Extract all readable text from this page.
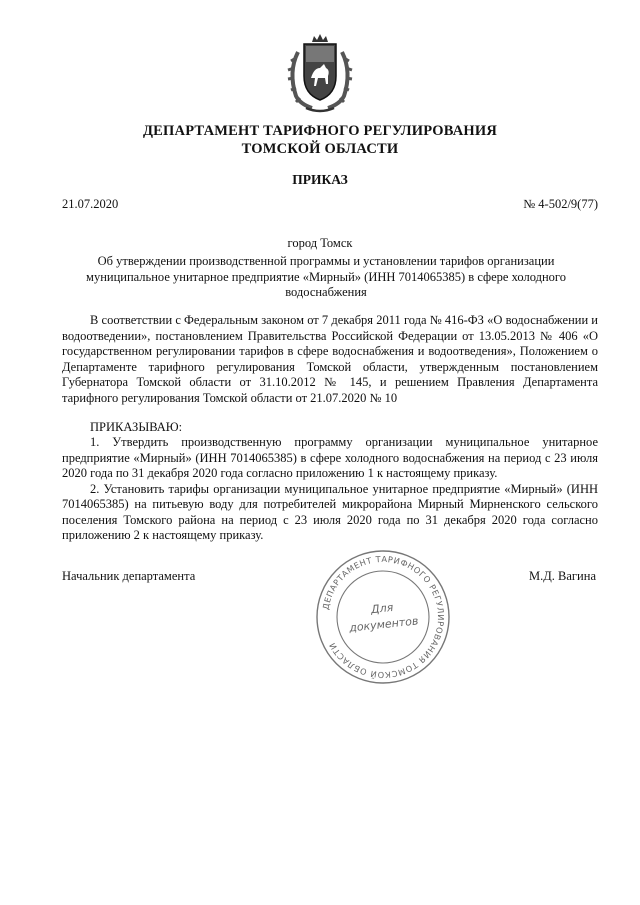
ДЕПАРТАМЕНТ ТАРИФНОГО РЕГУЛИРОВАНИЯ
ТОМСКОЙ ОБЛАСТИ
ПРИКАЗ
21.07.2020	№ 4-502/9(77)
город Томск
Об утверждении производственной программы и установлении тарифов организации муниципальное унитарное предприятие «Мирный» (ИНН 7014065385) в сфере холодного водоснабжения

В соответствии с Федеральным законом от 7 декабря 2011 года № 416-ФЗ «О водоснабжении и водоотведении», постановлением Правительства Российской Федерации от 13.05.2013 № 406 «О государственном регулировании тарифов в сфере водоснабжения и водоотведения», Положением о Департаменте тарифного регулирования Томской области, утвержденным постановлением Губернатора Томской области от 31.10.2012 № 145, и решением Правления Департамента тарифного регулирования Томской области от 21.07.2020 № 10

ПРИКАЗЫВАЮ:

1. Утвердить производственную программу организации муниципальное унитарное предприятие «Мирный» (ИНН 7014065385) в сфере холодного водоснабжения на период с 23 июля 2020 года по 31 декабря 2020 года согласно приложению 1 к настоящему приказу.

2. Установить тарифы организации муниципальное унитарное предприятие «Мирный» (ИНН 7014065385) на питьевую воду для потребителей микрорайона Мирный Мирненского сельского поселения Томского района на период с 23 июля 2020 года по 31 декабря 2020 года согласно приложению 2 к настоящему приказу.

Начальник департамента	М.Д. Вагина
ДЕПАРТАМЕНТ ТАРИФНОГО РЕГУЛИРОВАНИЯ ТОМСКОЙ ОБЛАСТИ
Для
документов
